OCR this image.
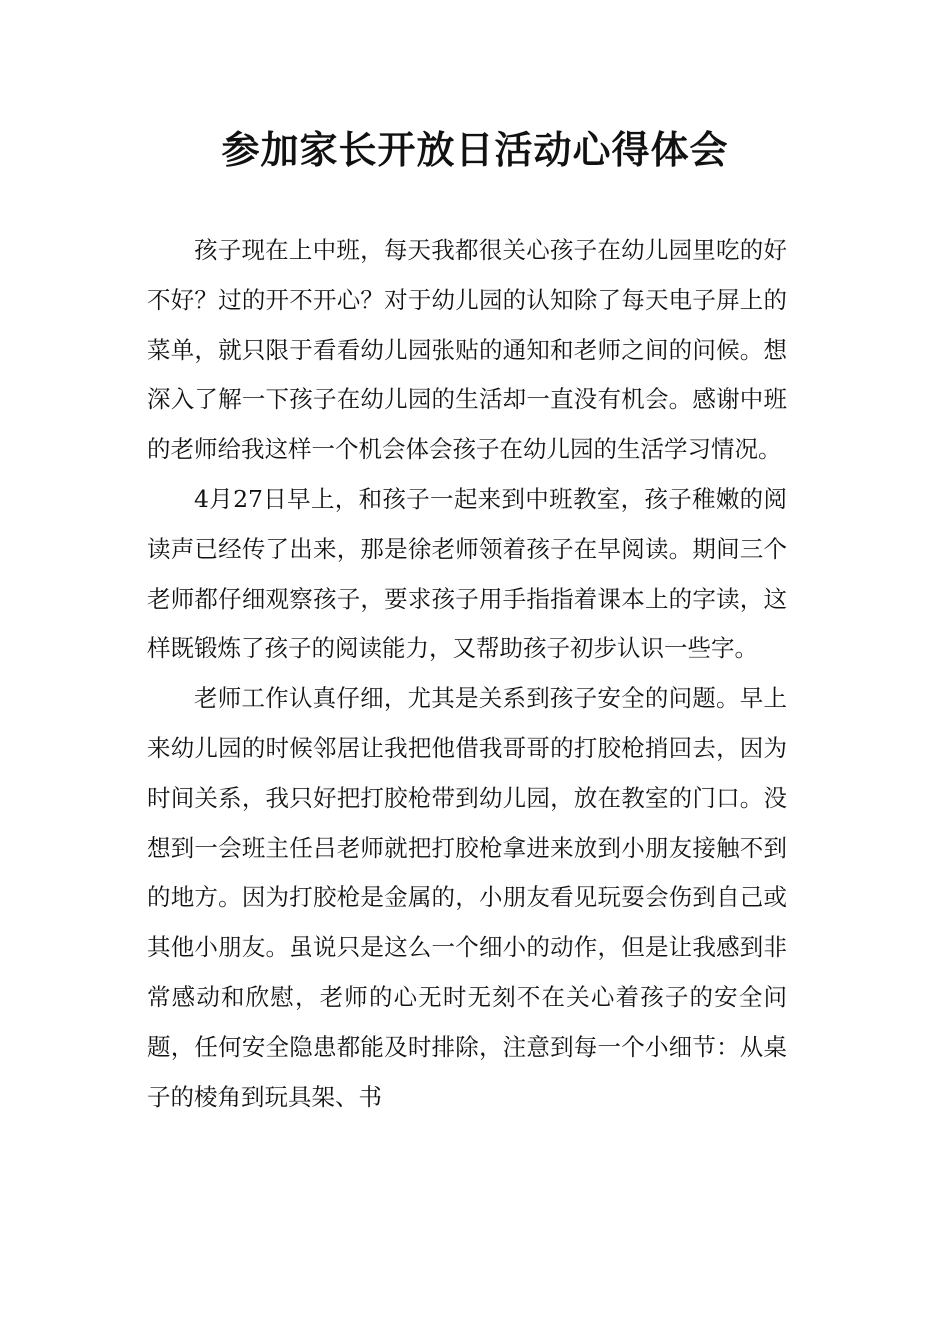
参加家长开放日活动心得体会

孩子现在上中班，每天我都很关心孩子在幼儿园里吃的好不好？过的开不开心？对于幼儿园的认知除了每天电子屏上的菜单，就只限于看看幼儿园张贴的通知和老师之间的问候。想深入了解一下孩子在幼儿园的生活却一直没有机会。感谢中班的老师给我这样一个机会体会孩子在幼儿园的生活学习情况。

4月27日早上，和孩子一起来到中班教室，孩子稚嫩的阅读声已经传了出来，那是徐老师领着孩子在早阅读。期间三个老师都仔细观察孩子，要求孩子用手指指着课本上的字读，这样既锻炼了孩子的阅读能力，又帮助孩子初步认识一些字。

老师工作认真仔细，尤其是关系到孩子安全的问题。早上来幼儿园的时候邻居让我把他借我哥哥的打胶枪捎回去，因为时间关系，我只好把打胶枪带到幼儿园，放在教室的门口。没想到一会班主任吕老师就把打胶枪拿进来放到小朋友接触不到的地方。因为打胶枪是金属的，小朋友看见玩耍会伤到自己或其他小朋友。虽说只是这么一个细小的动作，但是让我感到非常感动和欣慰，老师的心无时无刻不在关心着孩子的安全问题，任何安全隐患都能及时排除，注意到每一个小细节：从桌子的棱角到玩具架、书
